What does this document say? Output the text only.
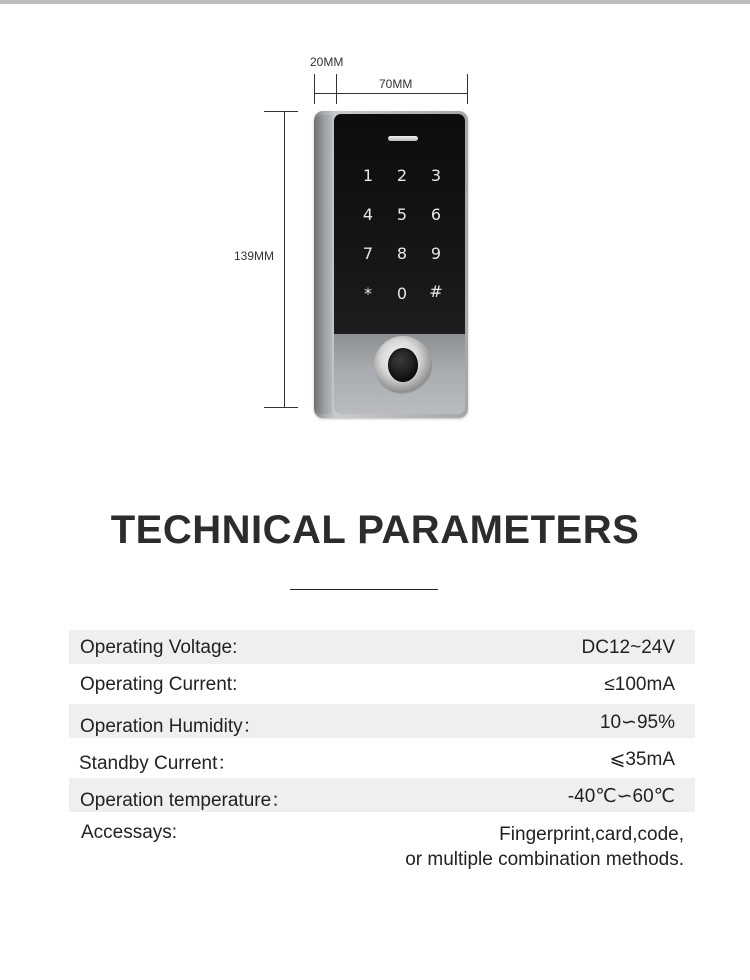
20MM
70MM
139MM
1	2	3
4	5	6
7	8	9
*	0	#
TECHNICAL PARAMETERS
Operating Voltage:	DC12~24V
Operating Current:	≤100mA
Operation Humidity：	10∽95%
Standby Current：	⩽35mA
Operation temperature：	-40℃∽60℃
Accessays:	Fingerprint,card,code,
or multiple combination methods.
